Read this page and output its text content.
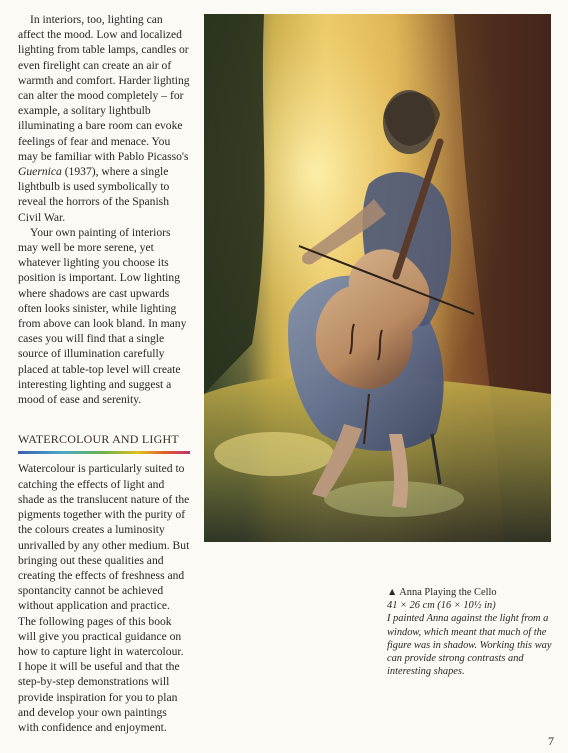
In interiors, too, lighting can affect the mood. Low and localized lighting from table lamps, candles or even firelight can create an air of warmth and comfort. Harder lighting can alter the mood completely – for example, a solitary lightbulb illuminating a bare room can evoke feelings of fear and menace. You may be familiar with Pablo Picasso's Guernica (1937), where a single lightbulb is used symbolically to reveal the horrors of the Spanish Civil War.

Your own painting of interiors may well be more serene, yet whatever lighting you choose its position is important. Low lighting where shadows are cast upwards often looks sinister, while lighting from above can look bland. In many cases you will find that a single source of illumination carefully placed at table-top level will create interesting lighting and suggest a mood of ease and serenity.

WATERCOLOUR AND LIGHT

Watercolour is particularly suited to catching the effects of light and shade as the translucent nature of the pigments together with the purity of the colours creates a luminosity unrivalled by any other medium. But bringing out these qualities and creating the effects of freshness and spontancity cannot be achieved without application and practice. The following pages of this book will give you practical guidance on how to capture light in watercolour. I hope it will be useful and that the step-by-step demonstrations will provide inspiration for you to plan and develop your own paintings with confidence and enjoyment.

▲ Anna Playing the Cello
41 × 26 cm (16 × 10½ in)
I painted Anna against the light from a window, which meant that much of the figure was in shadow. Working this way can provide strong contrasts and interesting shapes.
7
